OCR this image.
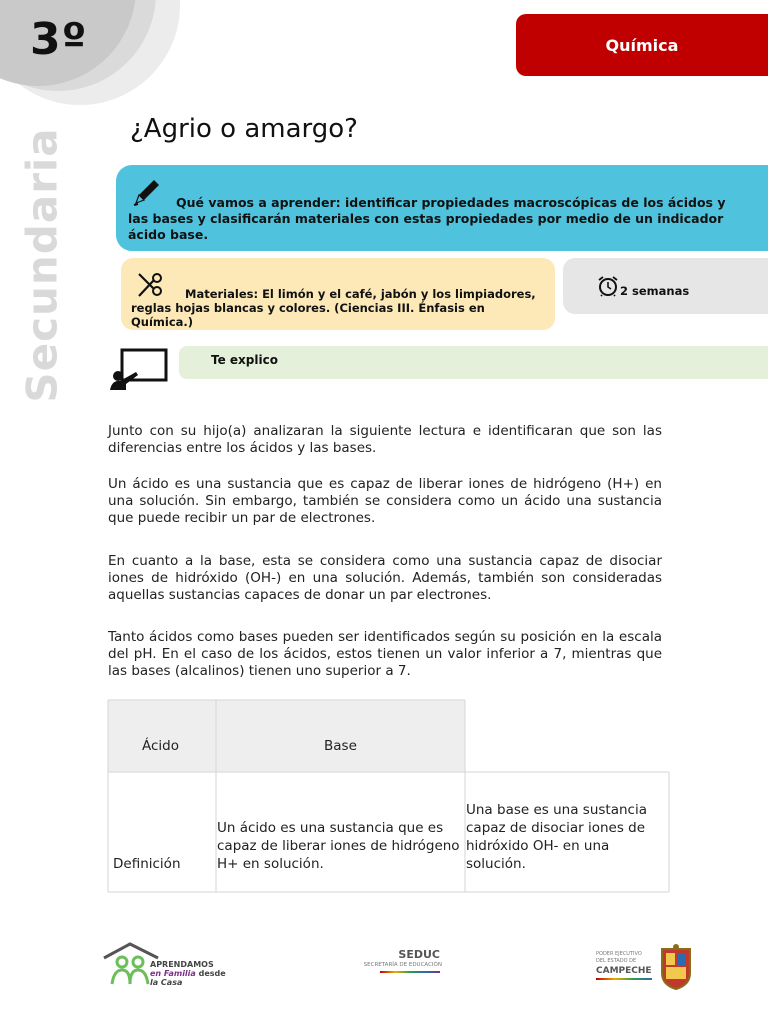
3º
Secundaria
Química
¿Agrio o amargo?
Qué vamos a aprender: identificar propiedades macroscópicas de los ácidos y las bases y clasificarán materiales con estas propiedades por medio de un indicador ácido base.
Materiales: El limón y el café, jabón y los limpiadores, reglas hojas blancas y colores. (Ciencias III. Énfasis en Química.)
2 semanas
Te explico
Junto con su hijo(a) analizaran la siguiente lectura e identificaran que son las diferencias entre los ácidos y las bases.
Un ácido es una sustancia que es capaz de liberar iones de hidrógeno (H+) en una solución. Sin embargo, también se considera como un ácido una sustancia que puede recibir un par de electrones.
En cuanto a la base, esta se considera como una sustancia capaz de disociar iones de hidróxido (OH-) en una solución. Además, también son consideradas aquellas sustancias capaces de donar un par electrones.
Tanto ácidos como bases pueden ser identificados según su posición en la escala del pH. En el caso de los ácidos, estos tienen un valor inferior a 7, mientras que las bases (alcalinos) tienen uno superior a 7.
Ácido	Base
Definición
Un ácido es una sustancia que es capaz de liberar iones de hidrógeno H+ en solución.
Una base es una sustancia capaz de disociar iones de hidróxido OH- en una solución.
APRENDAMOS
en Familia desde
la Casa
SEDUC
SECRETARÍA DE EDUCACIÓN
PODER EJECUTIVO
DEL ESTADO DE
CAMPECHE
